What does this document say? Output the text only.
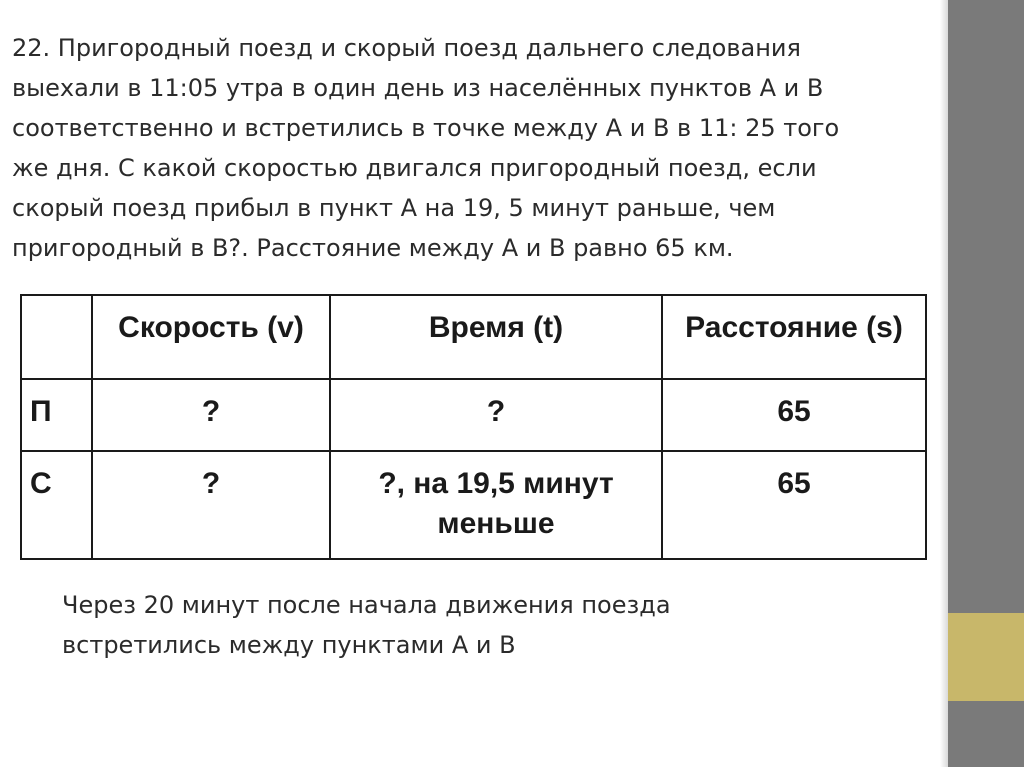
22. Пригородный поезд и скорый поезд дальнего следования
выехали в 11:05 утра в один день из населённых пунктов А и В
соответственно и встретились в точке между А и В в 11: 25 того
же дня. С какой скоростью двигался пригородный поезд, если
скорый поезд прибыл в пункт А на 19, 5 минут раньше, чем
пригородный в В?. Расстояние между А и В равно 65 км.

	Скорость (v)	Время (t)	Расстояние (s)
П	?	?	65
С	?	?, на 19,5 минут меньше	65

Через 20 минут после начала движения поезда
встретились между пунктами А и В
